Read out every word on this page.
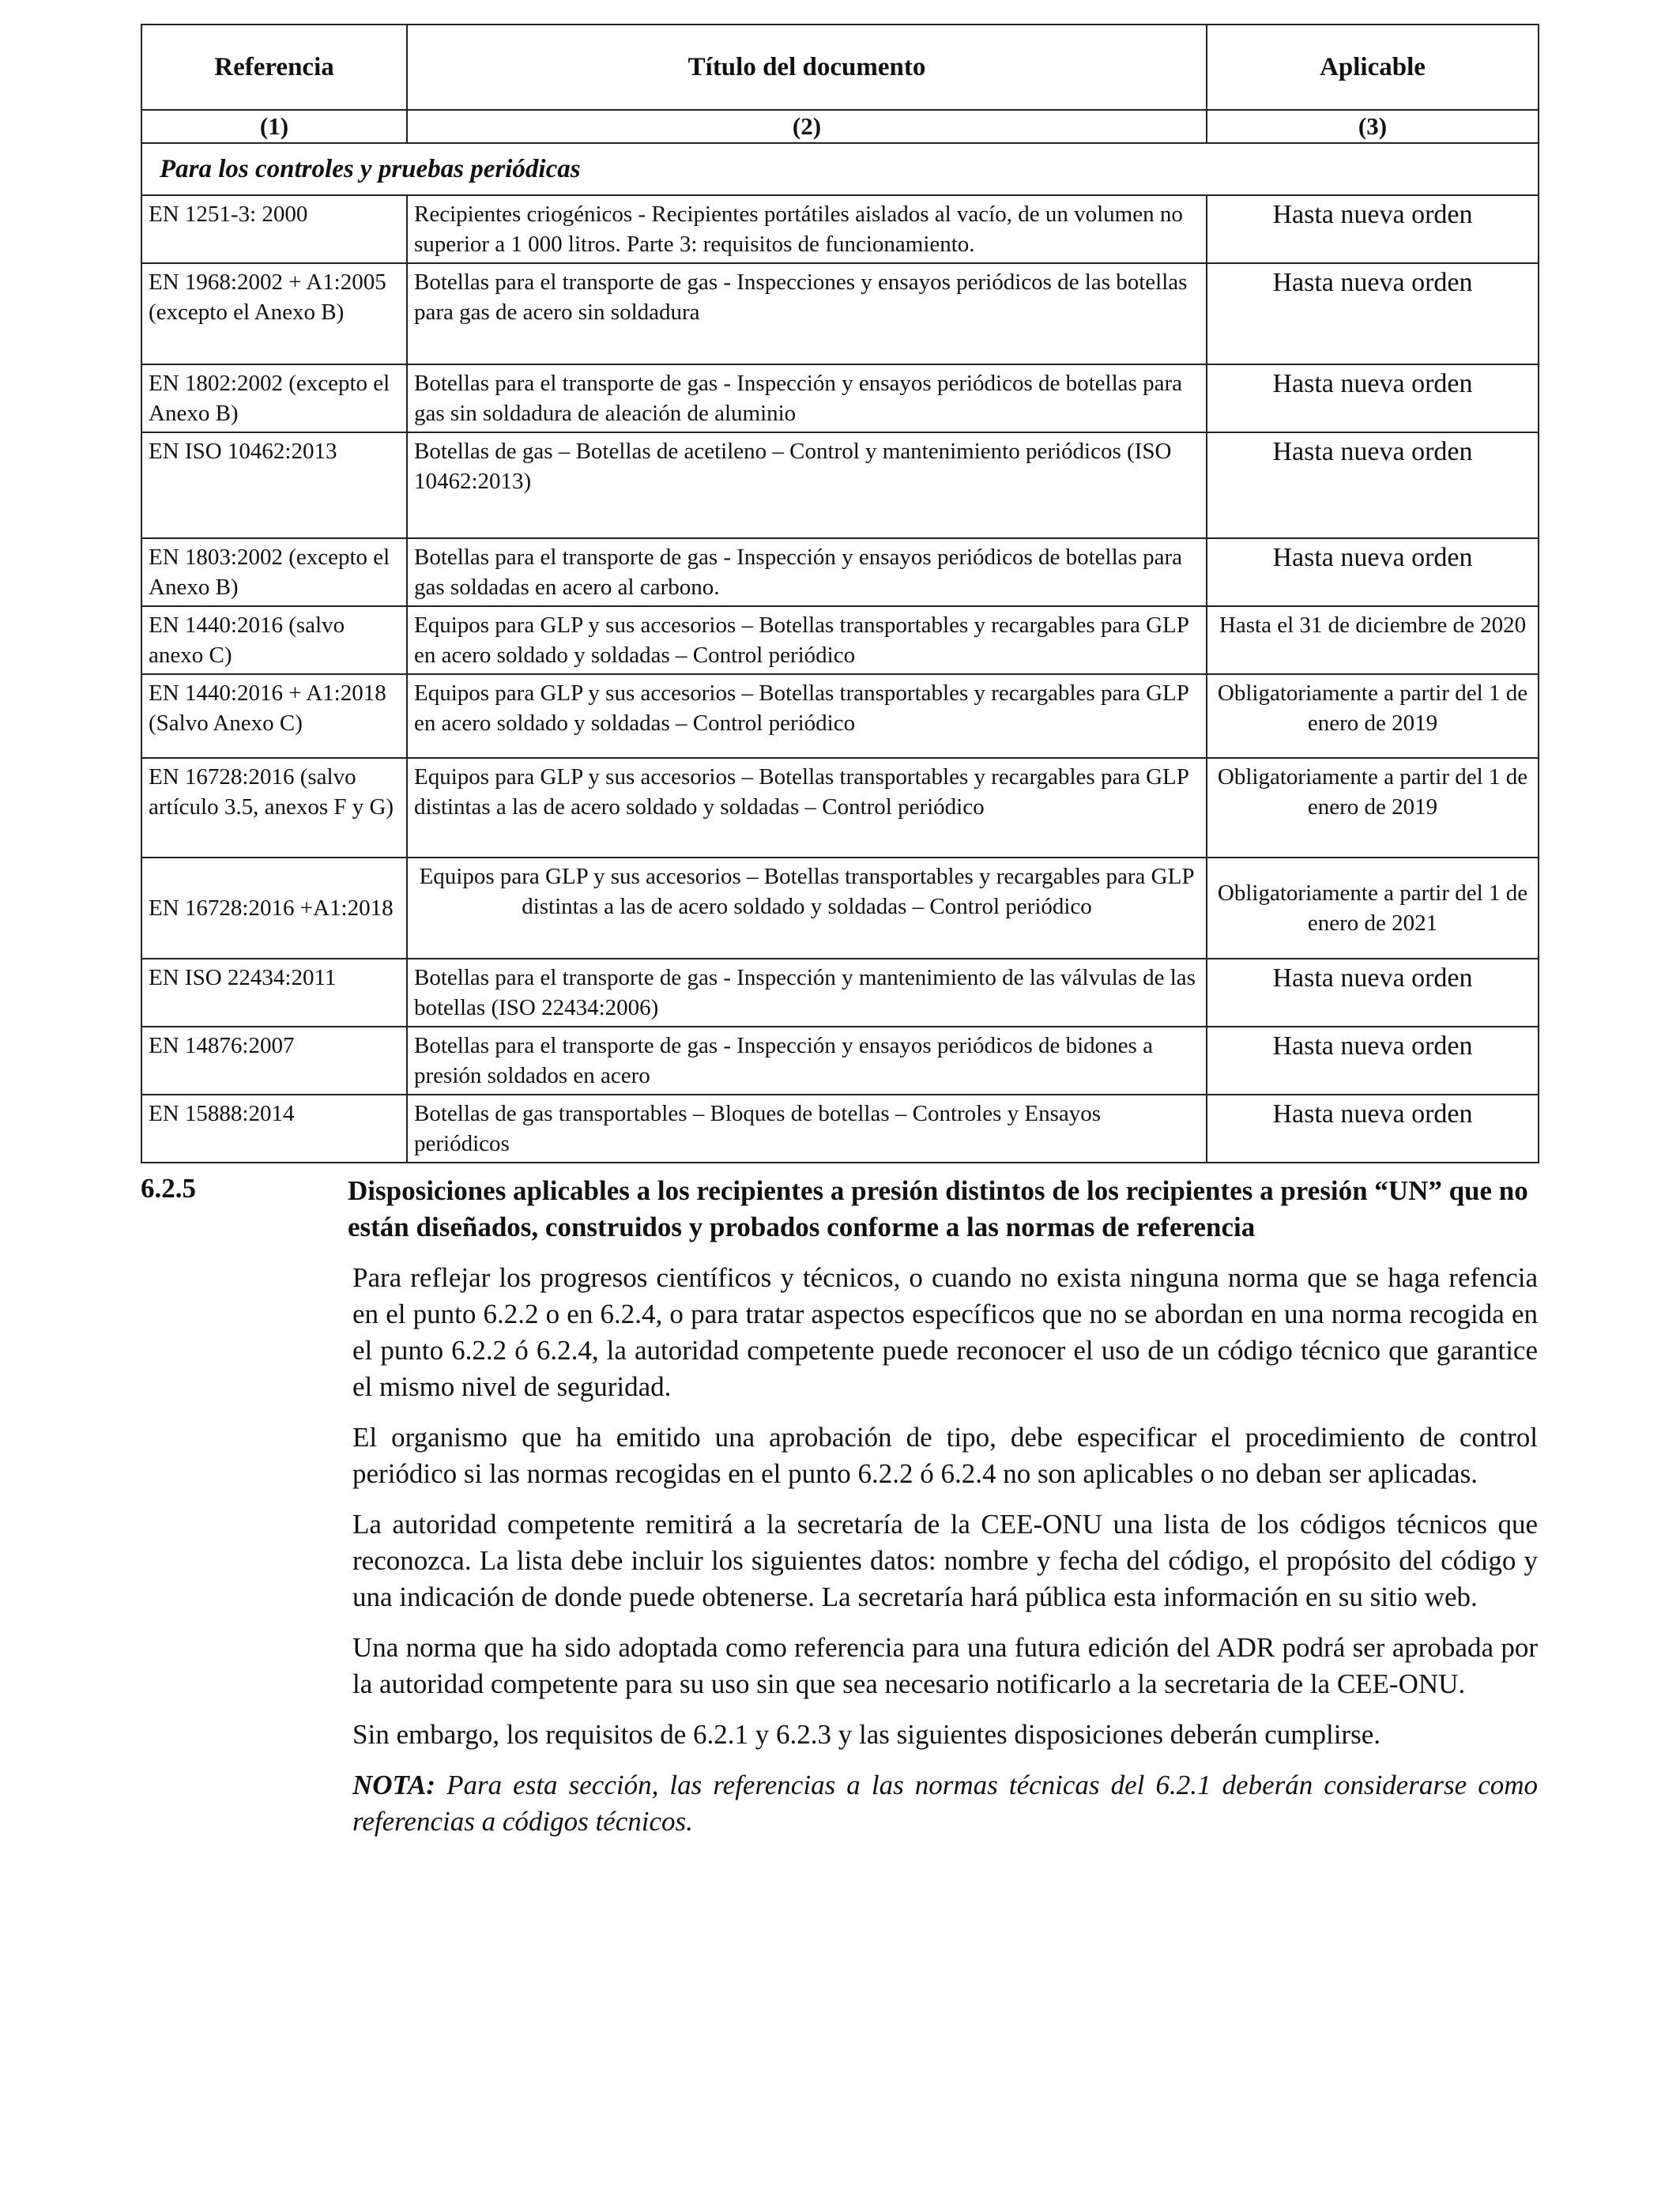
Referencia	Título del documento	Aplicable
(1)	(2)	(3)
Para los controles y pruebas periódicas		
EN 1251-3: 2000	Recipientes criogénicos - Recipientes portátiles aislados al vacío, de un volumen no superior a 1 000 litros. Parte 3: requisitos de funcionamiento.	Hasta nueva orden
EN 1968:2002 + A1:2005 (excepto el Anexo B)	Botellas para el transporte de gas - Inspecciones y ensayos periódicos de las botellas para gas de acero sin soldadura	Hasta nueva orden
EN 1802:2002 (excepto el Anexo B)	Botellas para el transporte de gas - Inspección y ensayos periódicos de botellas para gas sin soldadura de aleación de aluminio	Hasta nueva orden
EN ISO 10462:2013	Botellas de gas – Botellas de acetileno – Control y mantenimiento periódicos (ISO 10462:2013)	Hasta nueva orden
EN 1803:2002 (excepto el Anexo B)	Botellas para el transporte de gas - Inspección y ensayos periódicos de botellas para gas soldadas en acero al carbono.	Hasta nueva orden
EN 1440:2016 (salvo anexo C)	Equipos para GLP y sus accesorios – Botellas transportables y recargables para GLP en acero soldado y soldadas – Control periódico	Hasta el 31 de diciembre de 2020
EN 1440:2016 + A1:2018 (Salvo Anexo C)	Equipos para GLP y sus accesorios – Botellas transportables y recargables para GLP en acero soldado y soldadas – Control periódico	Obligatoriamente a partir del 1 de enero de 2019
EN 16728:2016 (salvo artículo 3.5, anexos F y G)	Equipos para GLP y sus accesorios – Botellas transportables y recargables para GLP distintas a las de acero soldado y soldadas – Control periódico	Obligatoriamente a partir del 1 de enero de 2019
EN 16728:2016 +A1:2018	Equipos para GLP y sus accesorios – Botellas transportables y recargables para GLP distintas a las de acero soldado y soldadas – Control periódico	Obligatoriamente a partir del 1 de enero de 2021
EN ISO 22434:2011	Botellas para el transporte de gas - Inspección y mantenimiento de las válvulas de las botellas (ISO 22434:2006)	Hasta nueva orden
EN 14876:2007	Botellas para el transporte de gas - Inspección y ensayos periódicos de bidones a presión soldados en acero	Hasta nueva orden
EN 15888:2014	Botellas de gas transportables – Bloques de botellas – Controles y Ensayos periódicos	Hasta nueva orden
6.2.5	Disposiciones aplicables a los recipientes a presión distintos de los recipientes a presión “UN” que no están diseñados, construidos y probados conforme a las normas de referencia

Para reflejar los progresos científicos y técnicos, o cuando no exista ninguna norma que se haga refencia en el punto 6.2.2 o en 6.2.4, o para tratar aspectos específicos que no se abordan en una norma recogida en el punto 6.2.2 ó 6.2.4, la autoridad competente puede reconocer el uso de un código técnico que garantice el mismo nivel de seguridad.

El organismo que ha emitido una aprobación de tipo, debe especificar el procedimiento de control periódico si las normas recogidas en el punto 6.2.2 ó 6.2.4 no son aplicables o no deban ser aplicadas.

La autoridad competente remitirá a la secretaría de la CEE-ONU una lista de los códigos técnicos que reconozca. La lista debe incluir los siguientes datos: nombre y fecha del código, el propósito del código y una indicación de donde puede obtenerse. La secretaría hará pública esta información en su sitio web.

Una norma que ha sido adoptada como referencia para una futura edición del ADR podrá ser aprobada por la autoridad competente para su uso sin que sea necesario notificarlo a la secretaria de la CEE-ONU.

Sin embargo, los requisitos de 6.2.1 y 6.2.3 y las siguientes disposiciones deberán cumplirse.

NOTA: Para esta sección, las referencias a las normas técnicas del 6.2.1 deberán considerarse como referencias a códigos técnicos.
